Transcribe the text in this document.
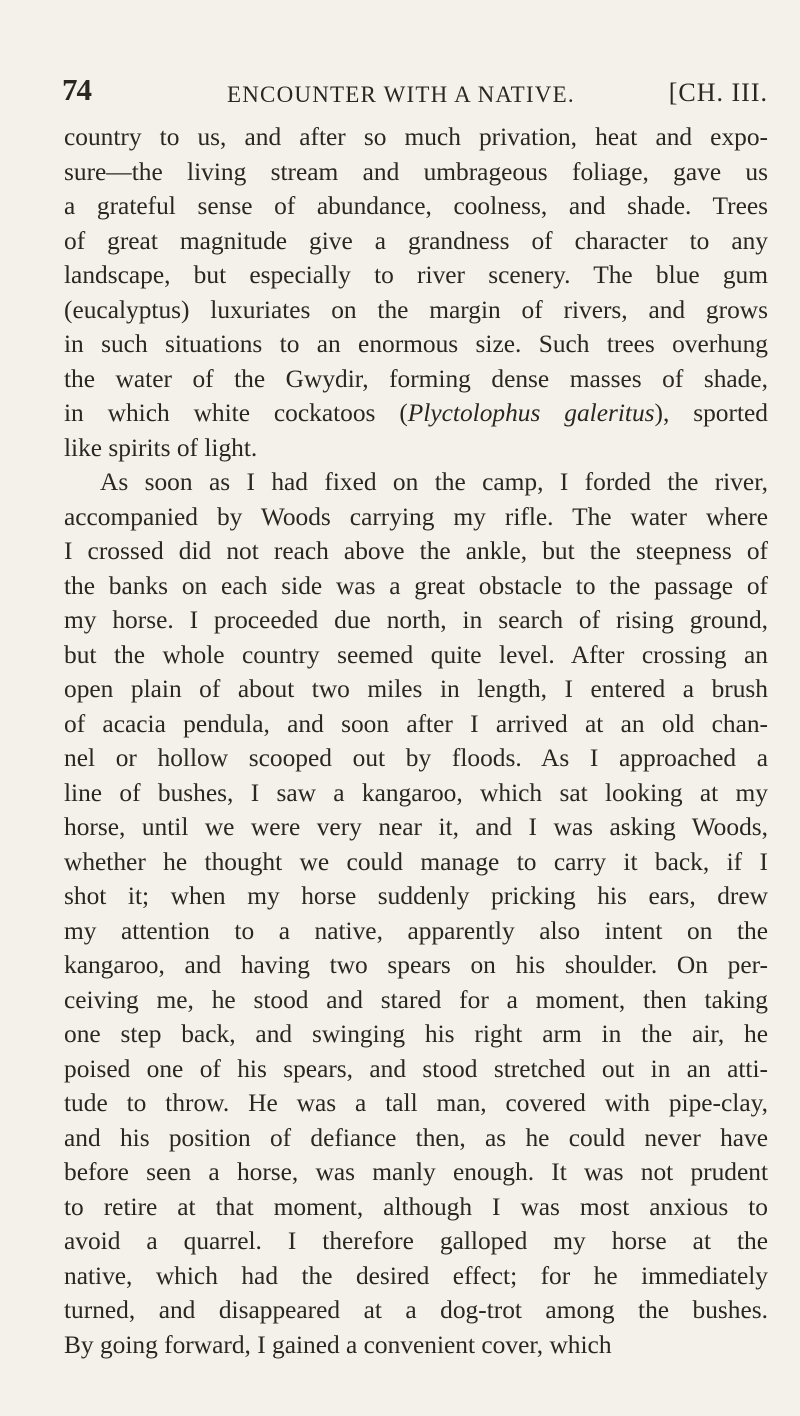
74	ENCOUNTER WITH A NATIVE.	[CH. III.
country to us, and after so much privation, heat and expo-
sure—the living stream and umbrageous foliage, gave us
a grateful sense of abundance, coolness, and shade. Trees
of great magnitude give a grandness of character to any
landscape, but especially to river scenery. The blue gum
(eucalyptus) luxuriates on the margin of rivers, and grows
in such situations to an enormous size. Such trees overhung
the water of the Gwydir, forming dense masses of shade,
in which white cockatoos (Plyctolophus galeritus), sported
like spirits of light.
As soon as I had fixed on the camp, I forded the river,
accompanied by Woods carrying my rifle. The water where
I crossed did not reach above the ankle, but the steepness of
the banks on each side was a great obstacle to the passage of
my horse. I proceeded due north, in search of rising ground,
but the whole country seemed quite level. After crossing an
open plain of about two miles in length, I entered a brush
of acacia pendula, and soon after I arrived at an old chan-
nel or hollow scooped out by floods. As I approached a
line of bushes, I saw a kangaroo, which sat looking at my
horse, until we were very near it, and I was asking Woods,
whether he thought we could manage to carry it back, if I
shot it; when my horse suddenly pricking his ears, drew
my attention to a native, apparently also intent on the
kangaroo, and having two spears on his shoulder. On per-
ceiving me, he stood and stared for a moment, then taking
one step back, and swinging his right arm in the air, he
poised one of his spears, and stood stretched out in an atti-
tude to throw. He was a tall man, covered with pipe-clay,
and his position of defiance then, as he could never have
before seen a horse, was manly enough. It was not prudent
to retire at that moment, although I was most anxious to
avoid a quarrel. I therefore galloped my horse at the
native, which had the desired effect; for he immediately
turned, and disappeared at a dog-trot among the bushes.
By going forward, I gained a convenient cover, which
